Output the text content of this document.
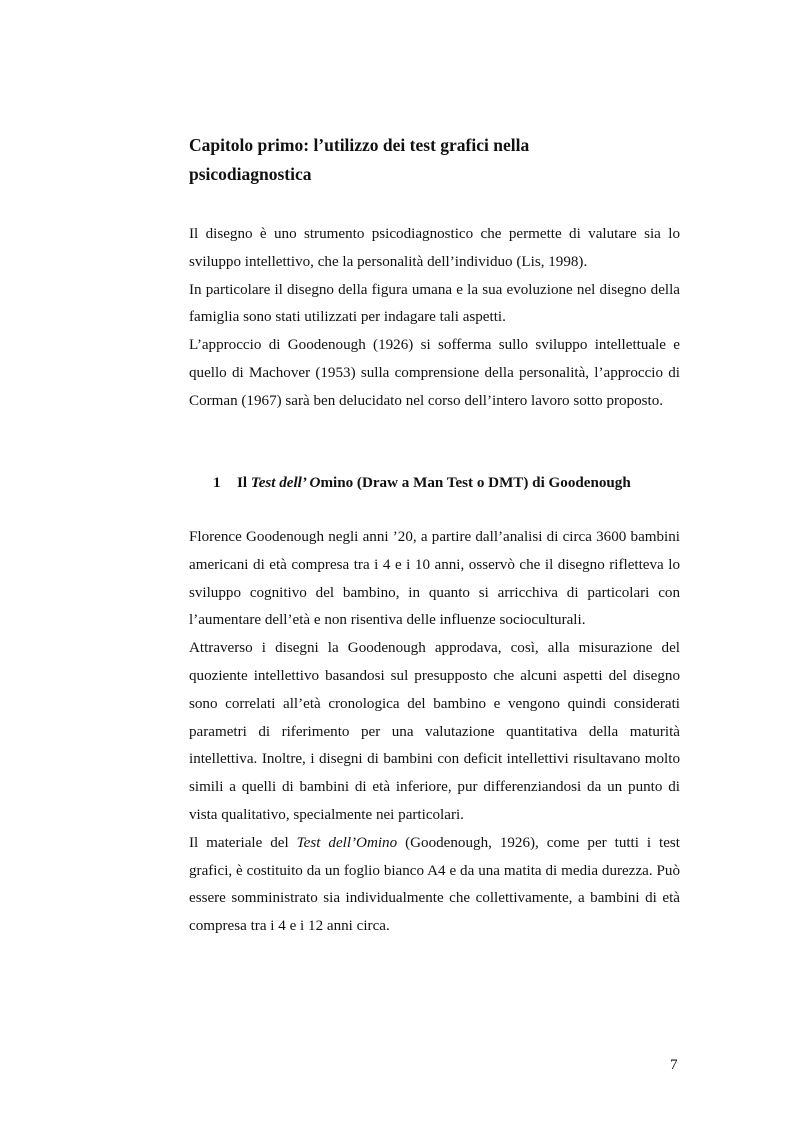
Capitolo primo: l’utilizzo dei test grafici nella
psicodiagnostica

Il disegno è uno strumento psicodiagnostico che permette di valutare sia lo sviluppo intellettivo, che la personalità dell’individuo (Lis, 1998).

In particolare il disegno della figura umana e la sua evoluzione nel disegno della famiglia sono stati utilizzati per indagare tali aspetti.

L’approccio di Goodenough (1926) si sofferma sullo sviluppo intellettuale e quello di Machover (1953) sulla comprensione della personalità, l’approccio di Corman (1967) sarà ben delucidato nel corso dell’intero lavoro sotto proposto.

1 Il Test dell’ Omino (Draw a Man Test o DMT) di Goodenough

Florence Goodenough negli anni ’20, a partire dall’analisi di circa 3600 bambini americani di età compresa tra i 4 e i 10 anni, osservò che il disegno rifletteva lo sviluppo cognitivo del bambino, in quanto si arricchiva di particolari con l’aumentare dell’età e non risentiva delle influenze socioculturali.

Attraverso i disegni la Goodenough approdava, così, alla misurazione del quoziente intellettivo basandosi sul presupposto che alcuni aspetti del disegno sono correlati all’età cronologica del bambino e vengono quindi considerati parametri di riferimento per una valutazione quantitativa della maturità intellettiva. Inoltre, i disegni di bambini con deficit intellettivi risultavano molto simili a quelli di bambini di età inferiore, pur differenziandosi da un punto di vista qualitativo, specialmente nei particolari.

Il materiale del Test dell’Omino (Goodenough, 1926), come per tutti i test grafici, è costituito da un foglio bianco A4 e da una matita di media durezza. Può essere somministrato sia individualmente che collettivamente, a bambini di età compresa tra i 4 e i 12 anni circa.

7
